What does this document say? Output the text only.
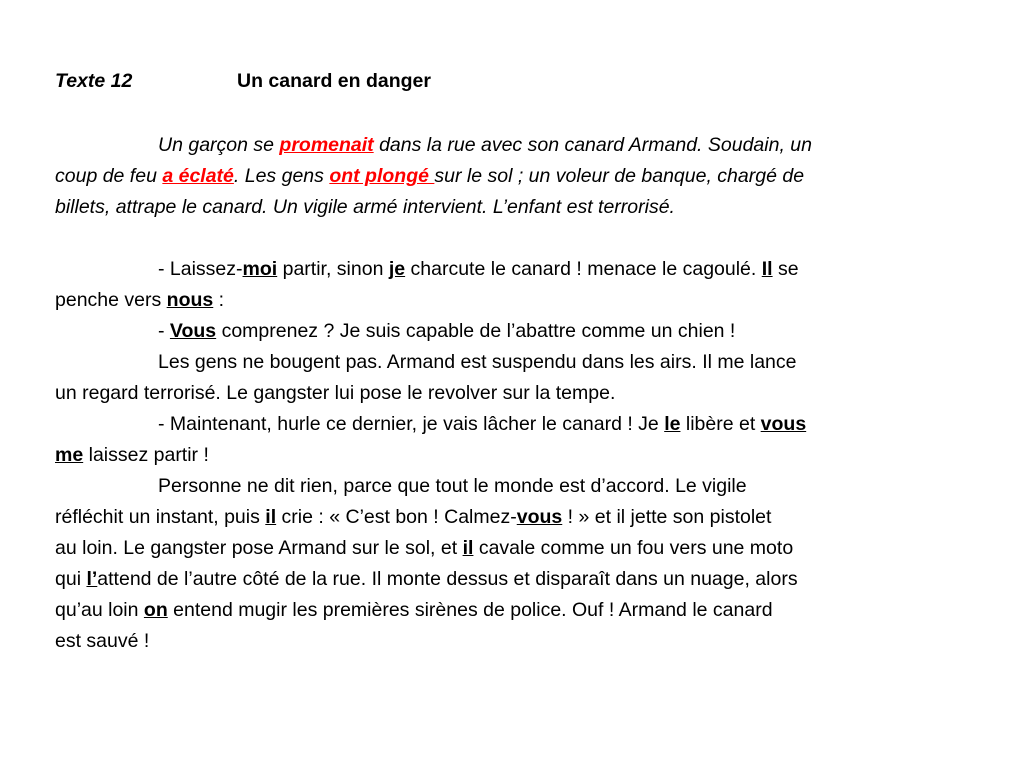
Texte 12	Un canard en danger
Un garçon se promenait dans la rue avec son canard Armand. Soudain, un
coup de feu a éclaté. Les gens ont plongé sur le sol ; un voleur de banque, chargé de
billets, attrape le canard. Un vigile armé intervient. L’enfant est terrorisé.
- Laissez-moi partir, sinon je charcute le canard ! menace le cagoulé. Il se
penche vers nous :
- Vous comprenez ? Je suis capable de l’abattre comme un chien !
Les gens ne bougent pas. Armand est suspendu dans les airs. Il me lance
un regard terrorisé. Le gangster lui pose le revolver sur la tempe.
- Maintenant, hurle ce dernier, je vais lâcher le canard ! Je le libère et vous
me laissez partir !
Personne ne dit rien, parce que tout le monde est d’accord. Le vigile
réfléchit un instant, puis il crie : « C’est bon ! Calmez-vous ! » et il jette son pistolet
au loin. Le gangster pose Armand sur le sol, et il cavale comme un fou vers une moto
qui l’attend de l’autre côté de la rue. Il monte dessus et disparaît dans un nuage, alors
qu’au loin on entend mugir les premières sirènes de police. Ouf ! Armand le canard
est sauvé !
